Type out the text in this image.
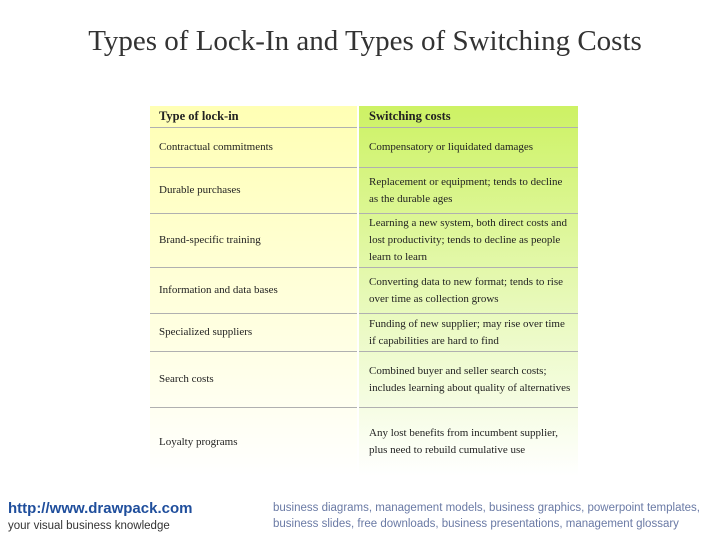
Types of Lock-In and Types of Switching Costs
Type of lock-in
Contractual commitments
Durable purchases
Brand-specific training
Information and data bases
Specialized suppliers
Search costs
Loyalty programs
Switching costs
Compensatory or liquidated damages
Replacement or equipment; tends to decline as the durable ages
Learning a new system, both direct costs and lost productivity; tends to decline as people learn to learn
Converting data to new format; tends to rise over time as collection grows
Funding of new supplier; may rise over time if capabilities are hard to find
Combined buyer and seller search costs; includes learning about quality of alternatives
Any lost benefits from incumbent supplier, plus need to rebuild cumulative use
http://www.drawpack.com
your visual business knowledge
business diagrams, management models, business graphics, powerpoint templates, business slides, free downloads, business presentations, management glossary
